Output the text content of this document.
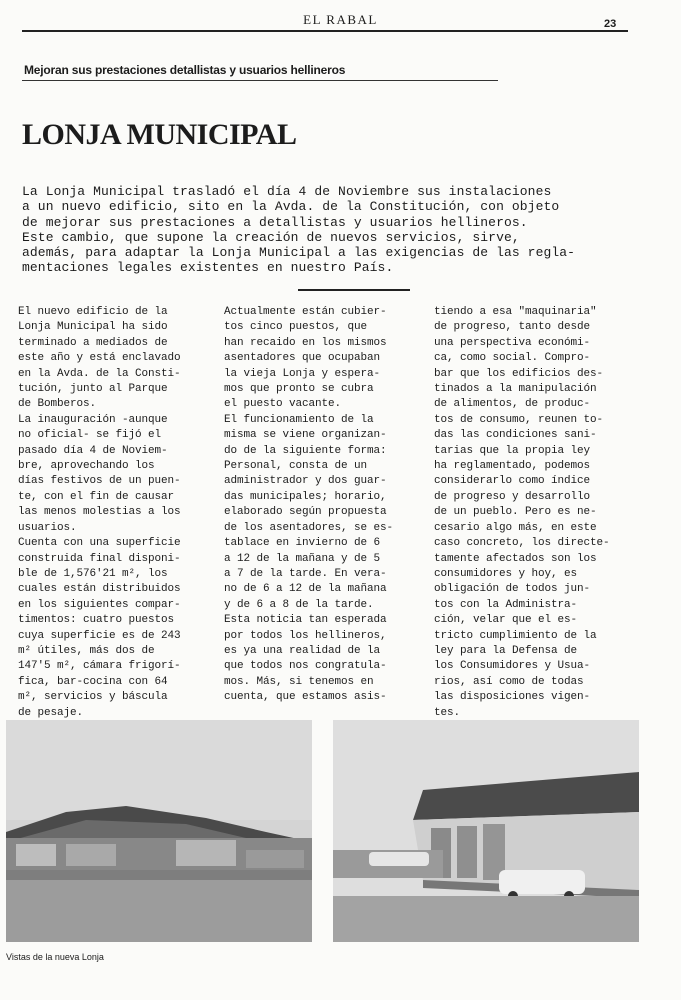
EL RABAL	23
Mejoran sus prestaciones detallistas y usuarios hellineros
LONJA MUNICIPAL
La Lonja Municipal trasladó el día 4 de Noviembre sus instalaciones
a un nuevo edificio, sito en la Avda. de la Constitución, con objeto
de mejorar sus prestaciones a detallistas y usuarios hellineros.
Este cambio, que supone la creación de nuevos servicios, sirve,
además, para adaptar la Lonja Municipal a las exigencias de las regla-
mentaciones legales existentes en nuestro País.
El nuevo edificio de la
Lonja Municipal ha sido
terminado a mediados de
este año y está enclavado
en la Avda. de la Consti-
tución, junto al Parque
de Bomberos.
La inauguración -aunque
no oficial- se fijó el
pasado día 4 de Noviem-
bre, aprovechando los
días festivos de un puen-
te, con el fin de causar
las menos molestias a los
usuarios.
Cuenta con una superficie
construida final disponi-
ble de 1,576'21 m², los
cuales están distribuidos
en los siguientes compar-
timentos: cuatro puestos
cuya superficie es de 243
m² útiles, más dos de
147'5 m², cámara frigorí-
fica, bar-cocina con 64
m², servicios y báscula
de pesaje.
Actualmente están cubier-
tos cinco puestos, que
han recaido en los mismos
asentadores que ocupaban
la vieja Lonja y espera-
mos que pronto se cubra
el puesto vacante.
El funcionamiento de la
misma se viene organizan-
do de la siguiente forma:
Personal, consta de un
administrador y dos guar-
das municipales; horario,
elaborado según propuesta
de los asentadores, se es-
tablace en invierno de 6
a 12 de la mañana y de 5
a 7 de la tarde. En vera-
no de 6 a 12 de la mañana
y de 6 a 8 de la tarde.
Esta noticia tan esperada
por todos los hellineros,
es ya una realidad de la
que todos nos congratula-
mos. Más, si tenemos en
cuenta, que estamos asis-
tiendo a esa "maquinaria"
de progreso, tanto desde
una perspectiva económi-
ca, como social. Compro-
bar que los edificios des-
tinados a la manipulación
de alimentos, de produc-
tos de consumo, reunen to-
das las condiciones sani-
tarias que la propia ley
ha reglamentado, podemos
considerarlo como índice
de progreso y desarrollo
de un pueblo. Pero es ne-
cesario algo más, en este
caso concreto, los directe-
tamente afectados son los
consumidores y hoy, es
obligación de todos jun-
tos con la Administra-
ción, velar que el es-
tricto cumplimiento de la
ley para la Defensa de
los Consumidores y Usua-
rios, así como de todas
las disposiciones vigen-
tes.
Vistas de la nueva Lonja
